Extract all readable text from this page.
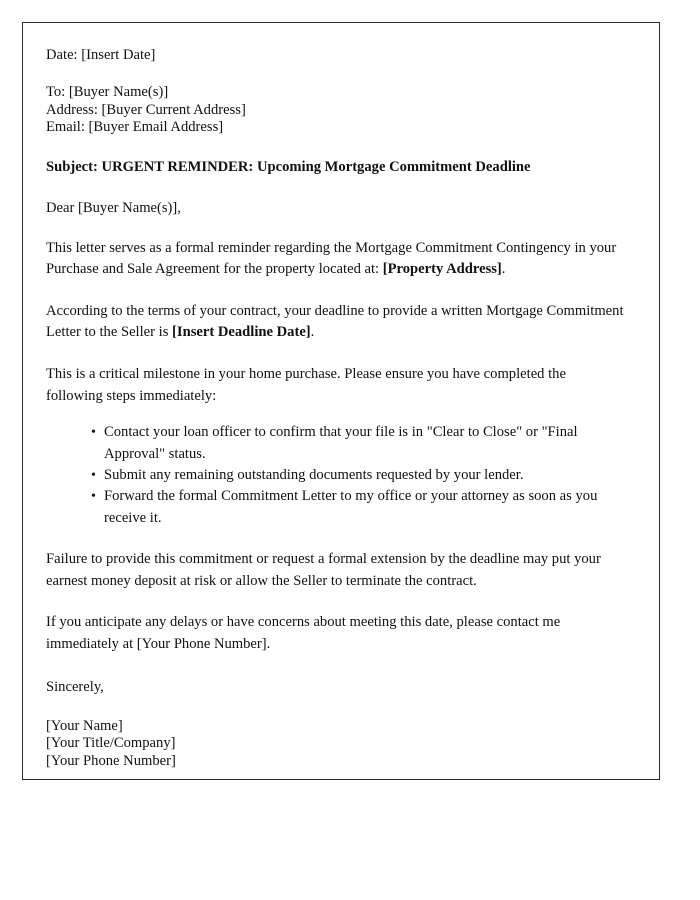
Date: [Insert Date]
To: [Buyer Name(s)]
Address: [Buyer Current Address]
Email: [Buyer Email Address]
Subject: URGENT REMINDER: Upcoming Mortgage Commitment Deadline
Dear [Buyer Name(s)],

This letter serves as a formal reminder regarding the Mortgage Commitment Contingency in your Purchase and Sale Agreement for the property located at: [Property Address].

According to the terms of your contract, your deadline to provide a written Mortgage Commitment Letter to the Seller is [Insert Deadline Date].

This is a critical milestone in your home purchase. Please ensure you have completed the following steps immediately:

• Contact your loan officer to confirm that your file is in "Clear to Close" or "Final Approval" status.
• Submit any remaining outstanding documents requested by your lender.
• Forward the formal Commitment Letter to my office or your attorney as soon as you receive it.

Failure to provide this commitment or request a formal extension by the deadline may put your earnest money deposit at risk or allow the Seller to terminate the contract.

If you anticipate any delays or have concerns about meeting this date, please contact me immediately at [Your Phone Number].

Sincerely,
[Your Name]
[Your Title/Company]
[Your Phone Number]
